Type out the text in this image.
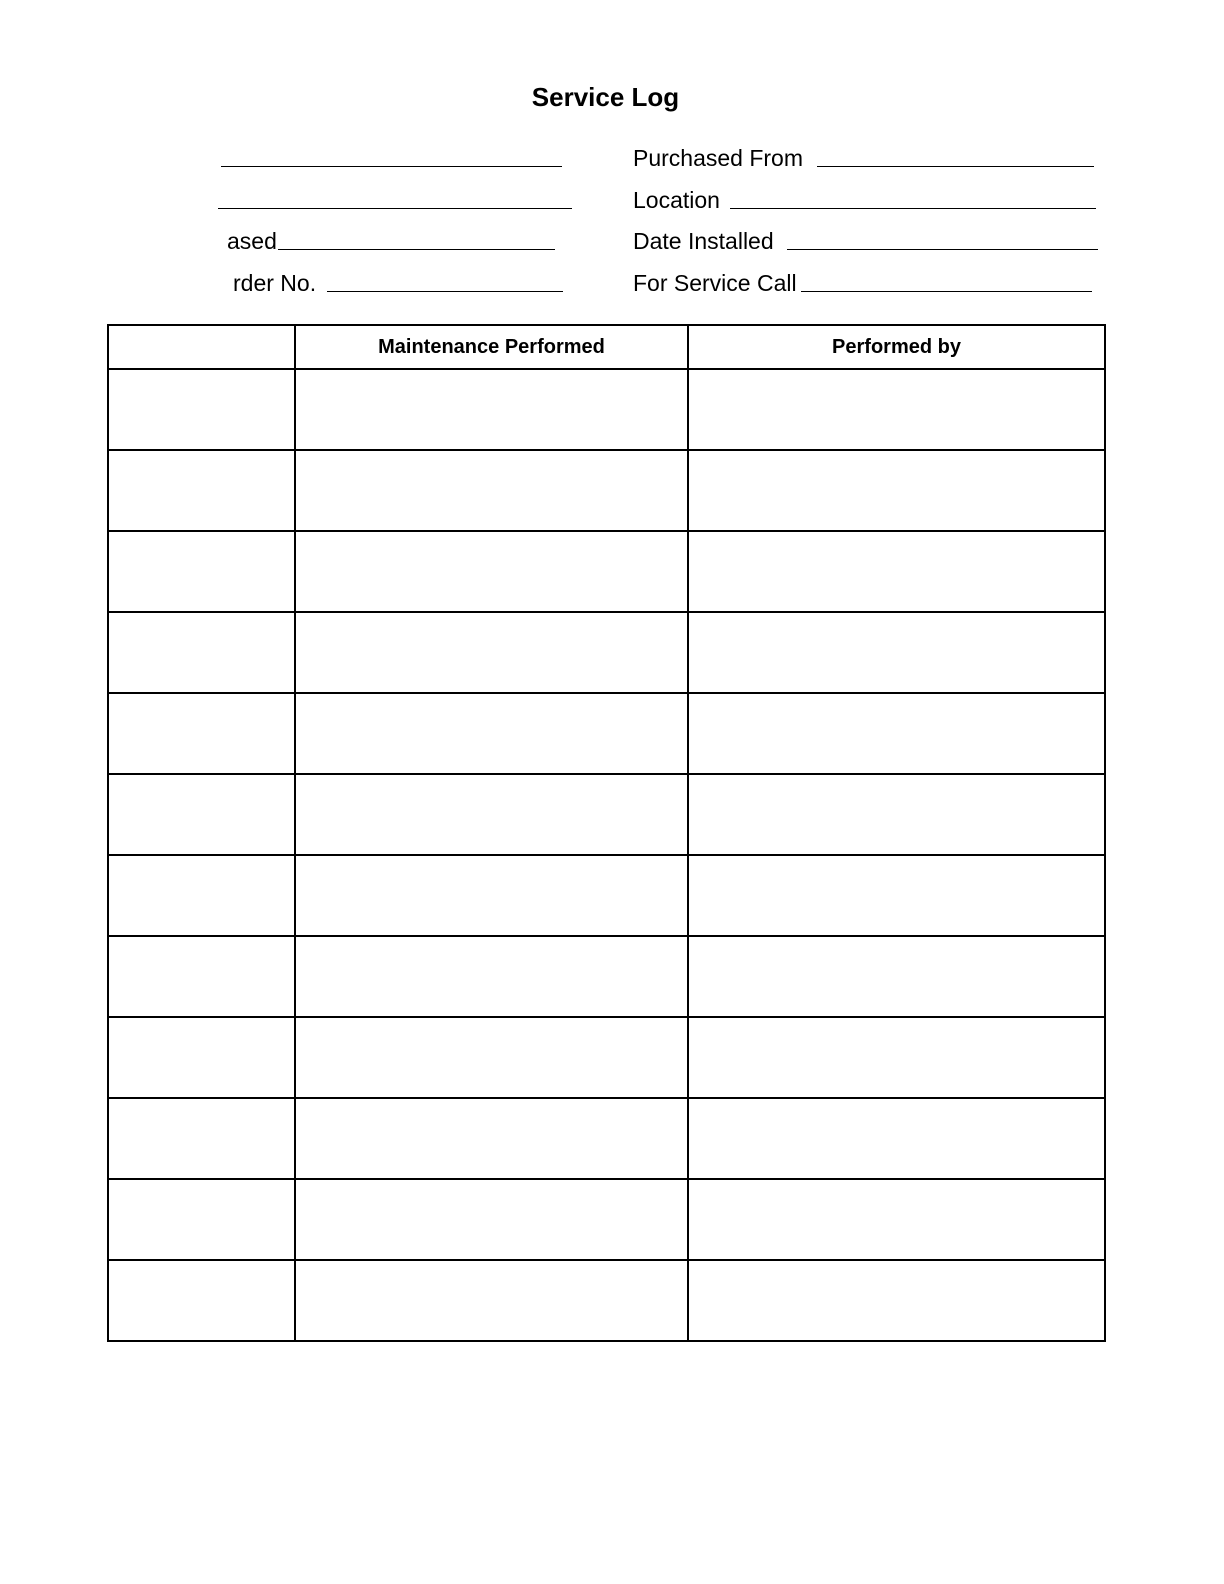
Service Log
ased
rder No.
Purchased From
Location
Date Installed
For Service Call
	Maintenance Performed	Performed by
